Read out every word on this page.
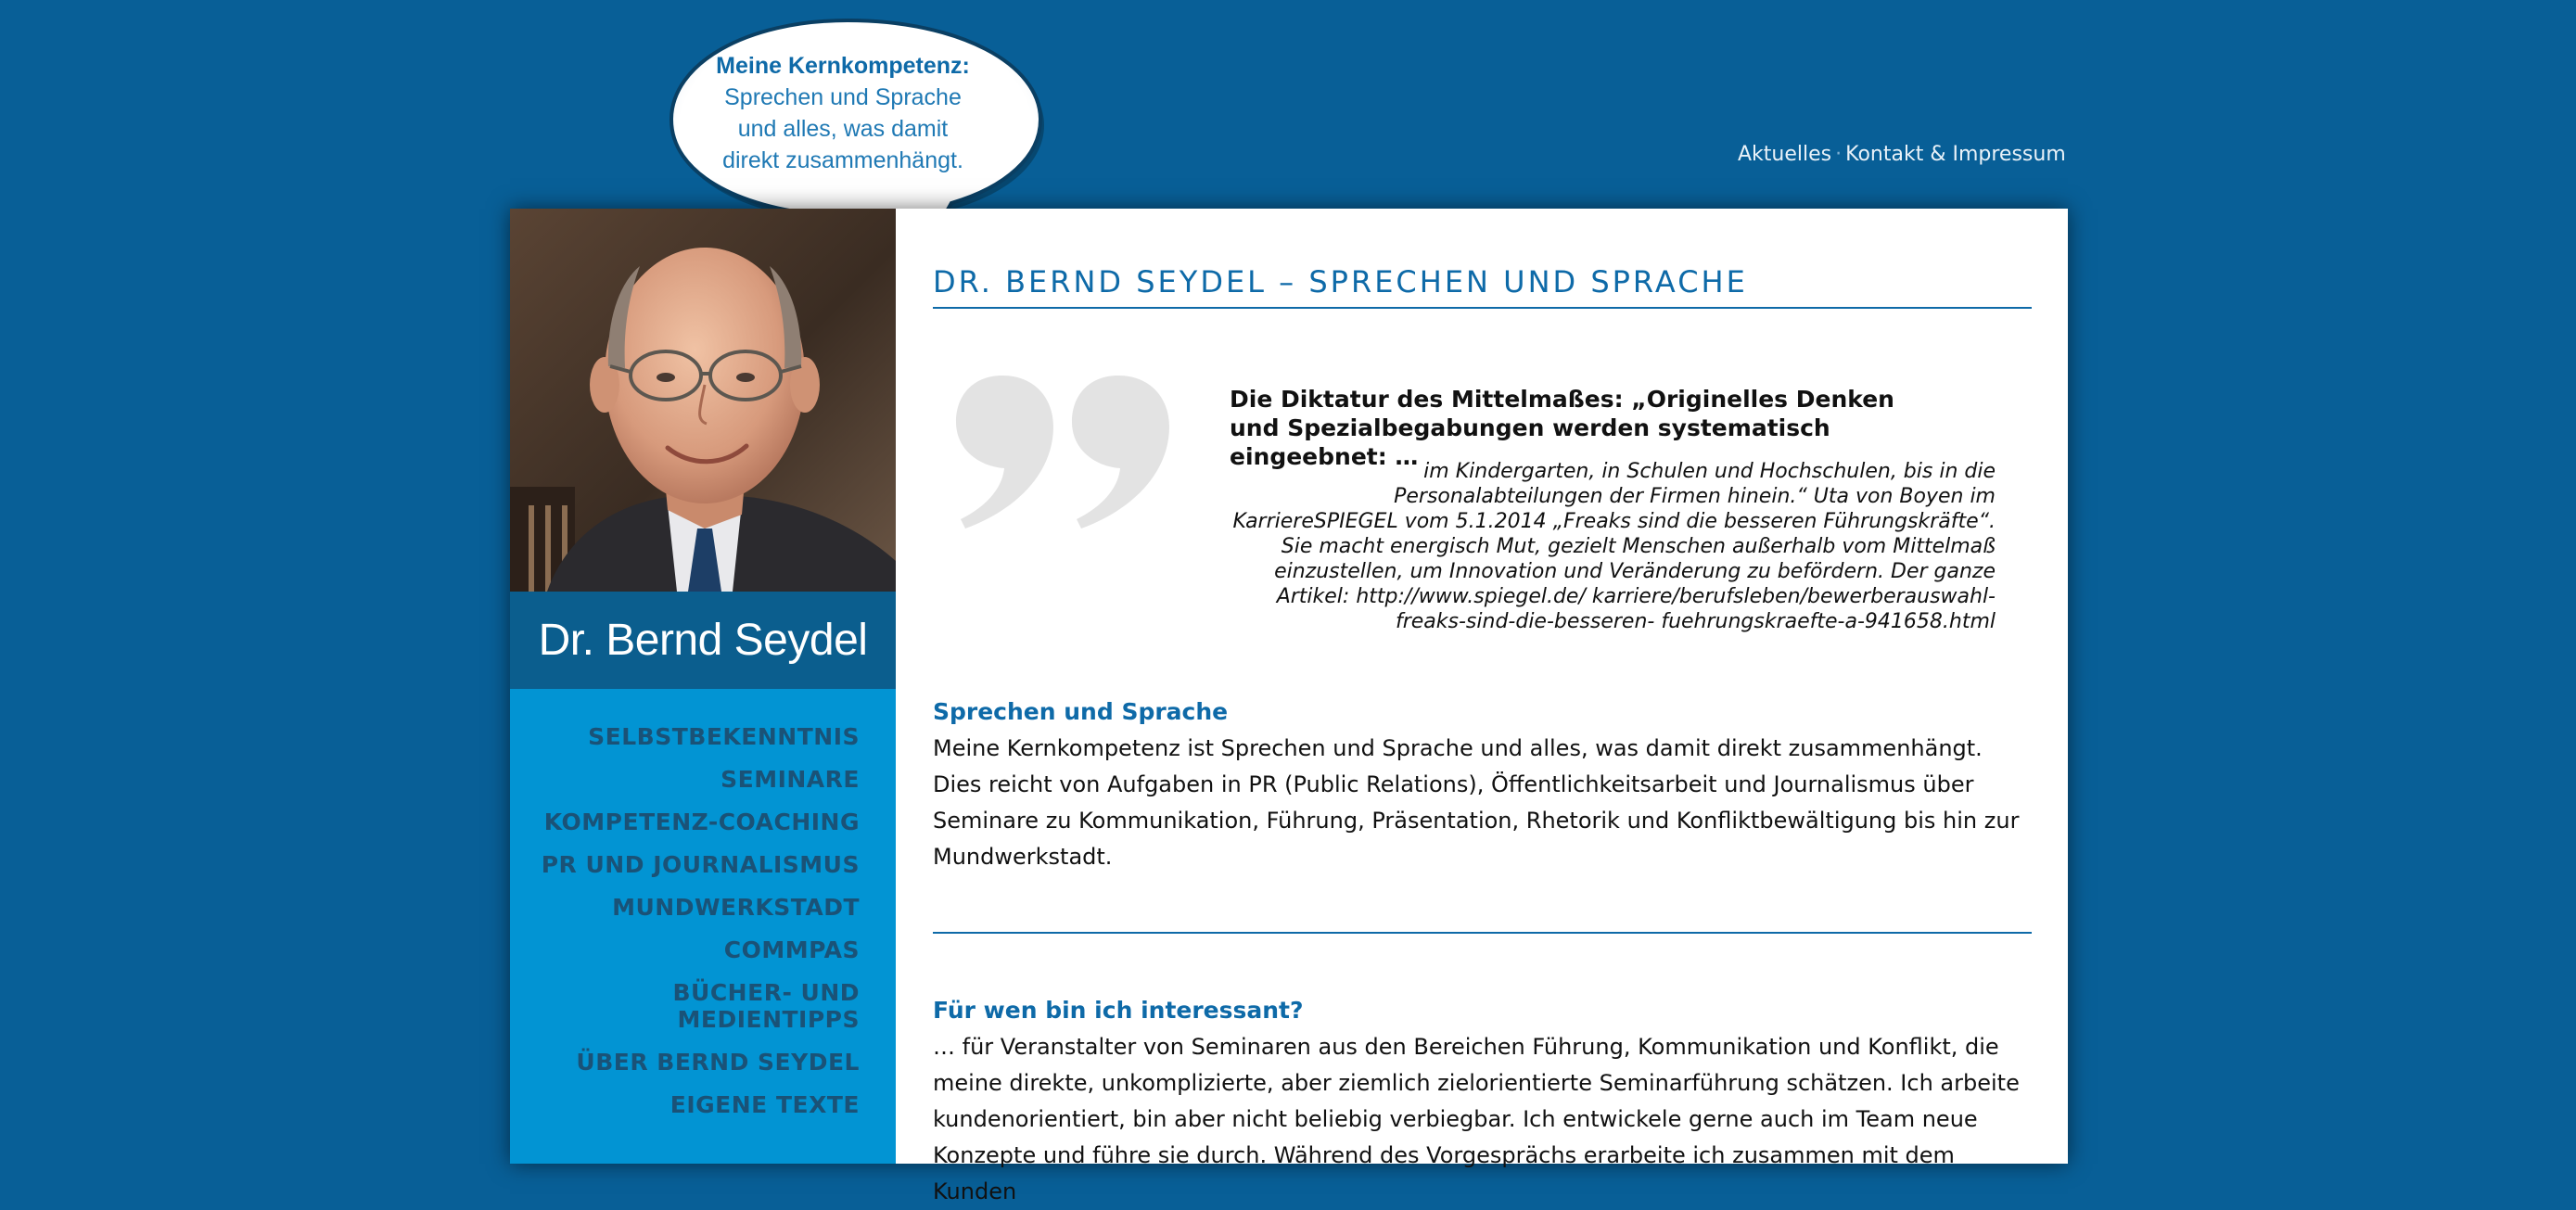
Aktuelles · Kontakt & Impressum
Meine Kernkompetenz:
Sprechen und Sprache
und alles, was damit
direkt zusammenhängt.
Dr. Bernd Seydel
SELBSTBEKENNTNIS
SEMINARE
KOMPETENZ-COACHING
PR UND JOURNALISMUS
MUNDWERKSTADT
COMMPAS
BÜCHER- UND
MEDIENTIPPS
ÜBER BERND SEYDEL
EIGENE TEXTE
DR. BERND SEYDEL – SPRECHEN UND SPRACHE
Die Diktatur des Mittelmaßes: „Originelles Denken und Spezialbegabungen werden systematisch eingeebnet: …
im Kindergarten, in Schulen und Hochschulen, bis in die Personalabteilungen der Firmen hinein.“ Uta von Boyen im KarriereSPIEGEL vom 5.1.2014 „Freaks sind die besseren Führungskräfte“. Sie macht energisch Mut, gezielt Menschen außerhalb vom Mittelmaß einzustellen, um Innovation und Veränderung zu befördern. Der ganze Artikel: http://www.spiegel.de/ karriere/berufsleben/bewerberauswahl-freaks-sind-die-besseren- fuehrungskraefte-a-941658.html
Sprechen und Sprache
Meine Kernkompetenz ist Sprechen und Sprache und alles, was damit direkt zusammenhängt. Dies reicht von Aufgaben in PR (Public Relations), Öffentlichkeitsarbeit und Journalismus über Seminare zu Kommunikation, Führung, Präsentation, Rhetorik und Konfliktbewältigung bis hin zur Mundwerkstadt.
Für wen bin ich interessant?
… für Veranstalter von Seminaren aus den Bereichen Führung, Kommunikation und Konflikt, die meine direkte, unkomplizierte, aber ziemlich zielorientierte Seminarführung schätzen. Ich arbeite kundenorientiert, bin aber nicht beliebig verbiegbar. Ich entwickele gerne auch im Team neue Konzepte und führe sie durch. Während des Vorgesprächs erarbeite ich zusammen mit dem Kunden
